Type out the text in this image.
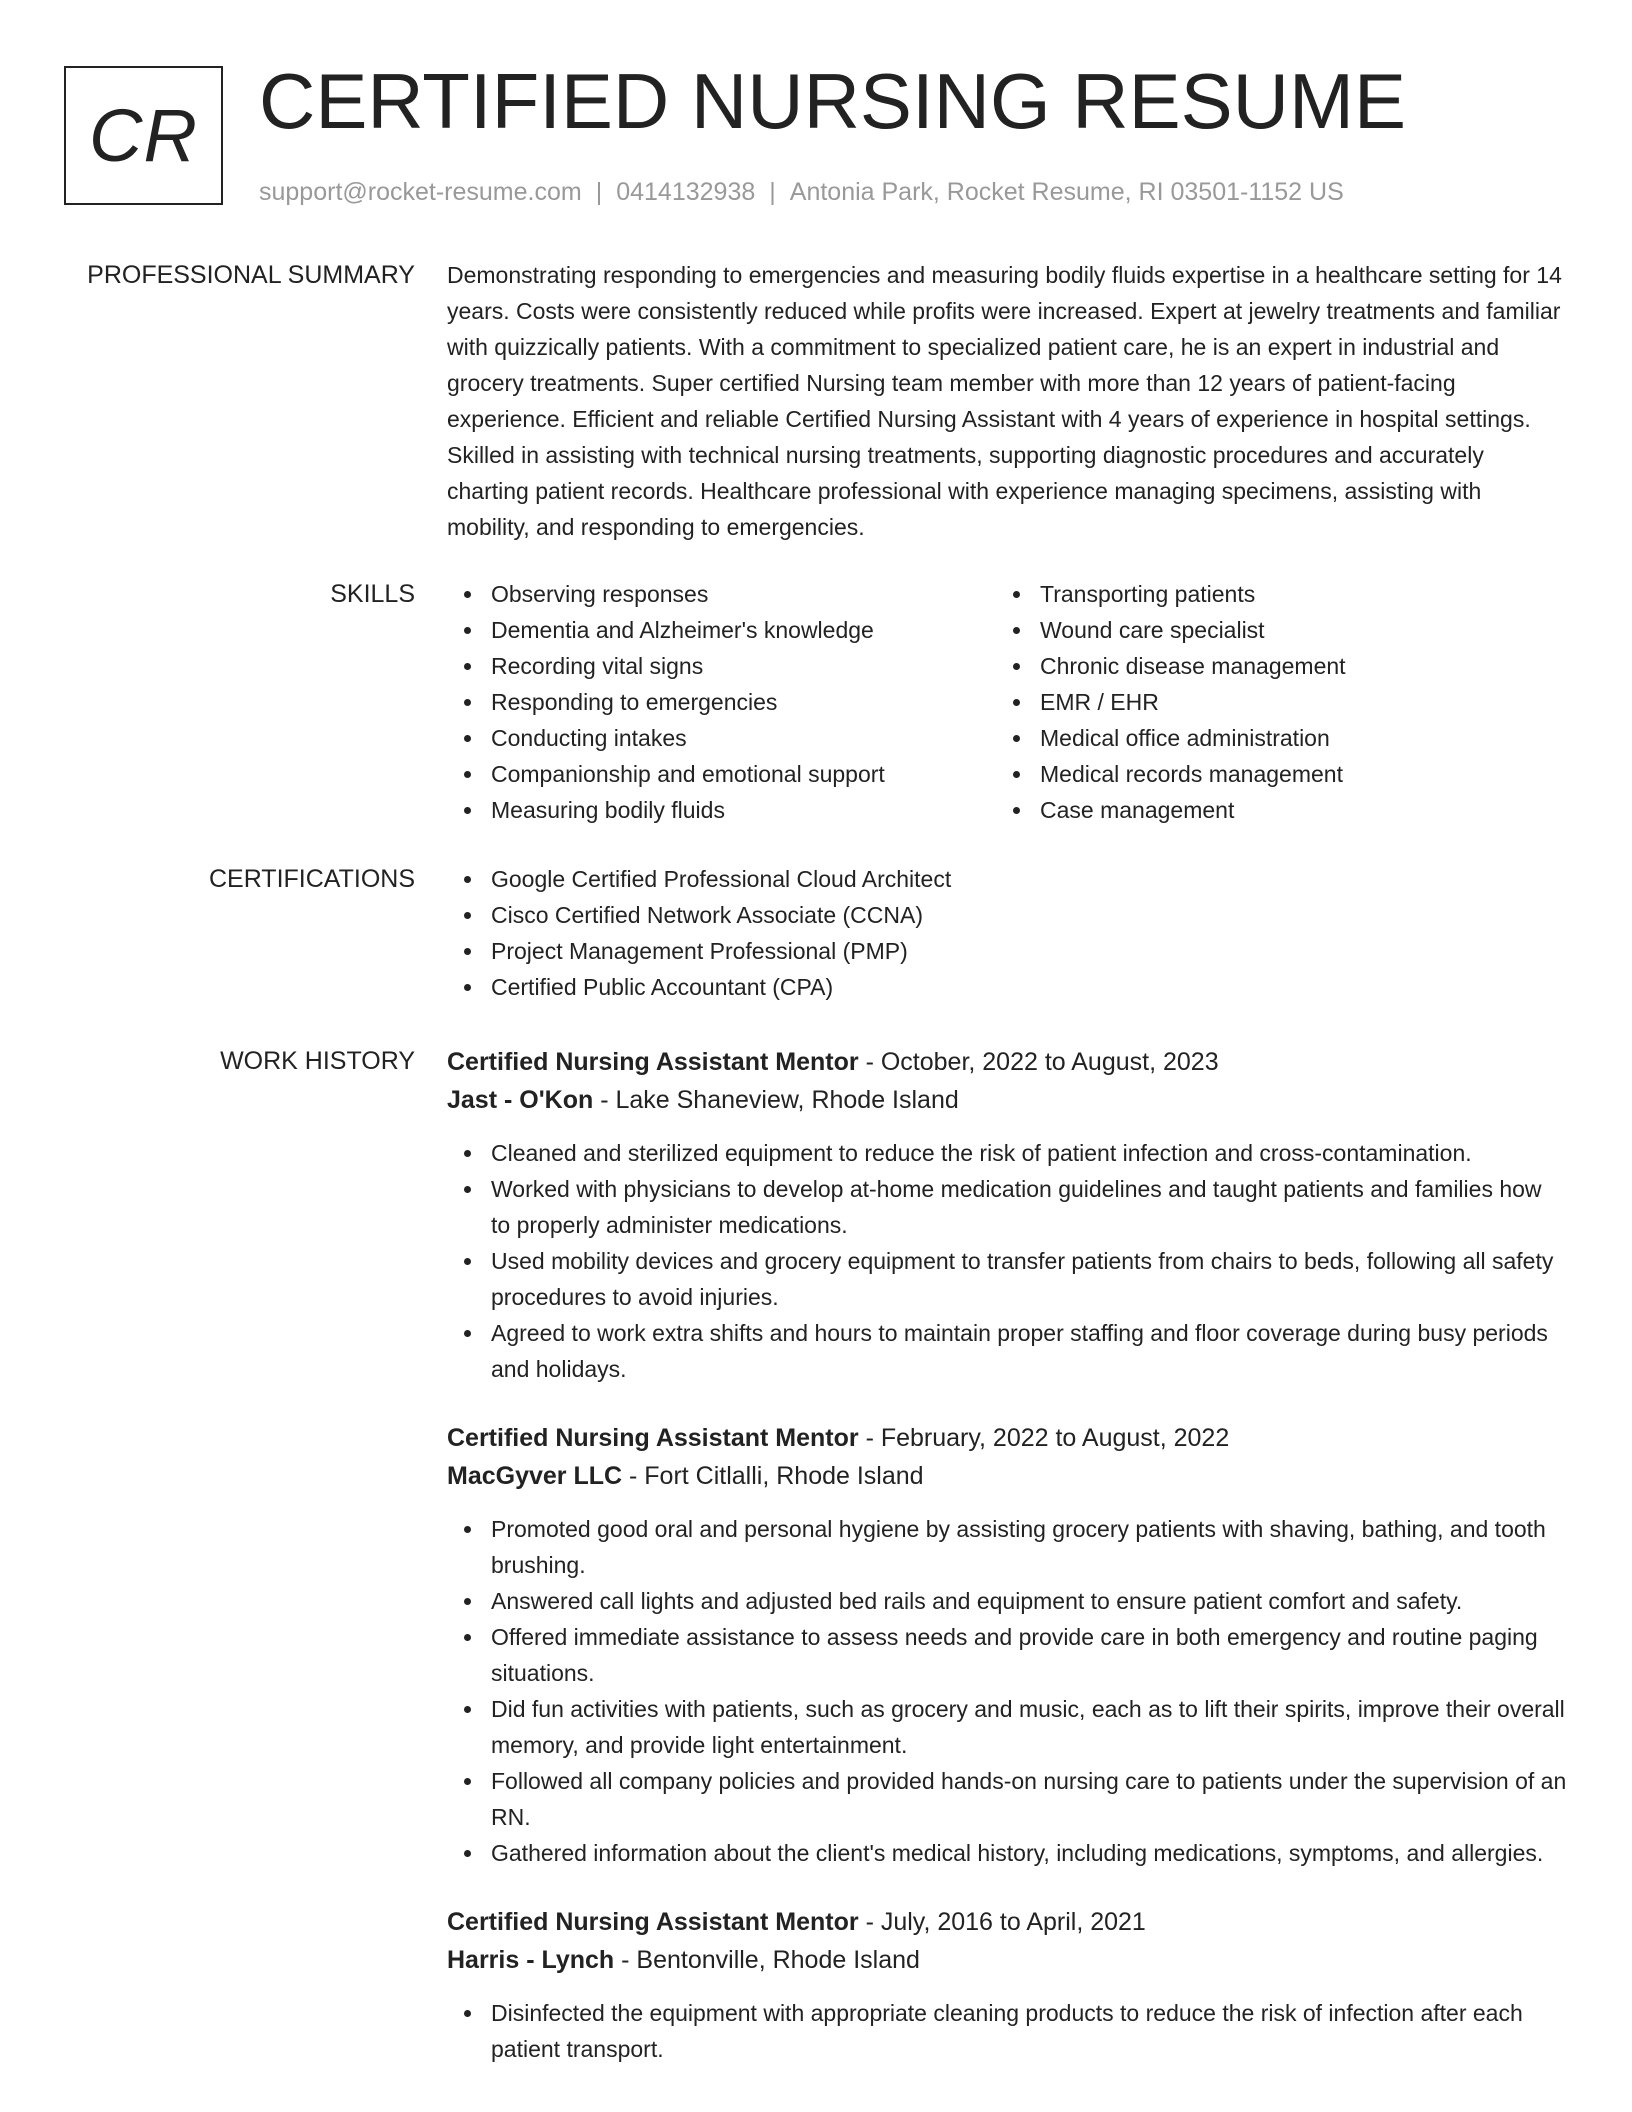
CR CERTIFIED NURSING RESUME
support@rocket-resume.com | 0414132938 | Antonia Park, Rocket Resume, RI 03501-1152 US
PROFESSIONAL SUMMARY Demonstrating responding to emergencies and measuring bodily fluids expertise in a healthcare setting for 14 years. Costs were consistently reduced while profits were increased. Expert at jewelry treatments and familiar with quizzically patients. With a commitment to specialized patient care, he is an expert in industrial and grocery treatments. Super certified Nursing team member with more than 12 years of patient-facing experience. Efficient and reliable Certified Nursing Assistant with 4 years of experience in hospital settings. Skilled in assisting with technical nursing treatments, supporting diagnostic procedures and accurately charting patient records. Healthcare professional with experience managing specimens, assisting with mobility, and responding to emergencies.

SKILLS	Observing responses
Dementia and Alzheimer's knowledge
Recording vital signs
Responding to emergencies
Conducting intakes
Companionship and emotional support
Measuring bodily fluids
Transporting patients
Wound care specialist
Chronic disease management
EMR / EHR
Medical office administration
Medical records management
Case management
CERTIFICATIONS	Google Certified Professional Cloud Architect
Cisco Certified Network Associate (CCNA)
Project Management Professional (PMP)
Certified Public Accountant (CPA)
WORK HISTORY Certified Nursing Assistant Mentor - October, 2022 to August, 2023
Jast - O'Kon - Lake Shaneview, Rhode Island
Cleaned and sterilized equipment to reduce the risk of patient infection and cross-contamination.
Worked with physicians to develop at-home medication guidelines and taught patients and families how to properly administer medications.
Used mobility devices and grocery equipment to transfer patients from chairs to beds, following all safety procedures to avoid injuries.
Agreed to work extra shifts and hours to maintain proper staffing and floor coverage during busy periods and holidays.
Certified Nursing Assistant Mentor - February, 2022 to August, 2022
MacGyver LLC - Fort Citlalli, Rhode Island
Promoted good oral and personal hygiene by assisting grocery patients with shaving, bathing, and tooth brushing.
Answered call lights and adjusted bed rails and equipment to ensure patient comfort and safety.
Offered immediate assistance to assess needs and provide care in both emergency and routine paging situations.
Did fun activities with patients, such as grocery and music, each as to lift their spirits, improve their overall memory, and provide light entertainment.
Followed all company policies and provided hands-on nursing care to patients under the supervision of an RN.
Gathered information about the client's medical history, including medications, symptoms, and allergies.
Certified Nursing Assistant Mentor - July, 2016 to April, 2021
Harris - Lynch - Bentonville, Rhode Island
Disinfected the equipment with appropriate cleaning products to reduce the risk of infection after each patient transport.
